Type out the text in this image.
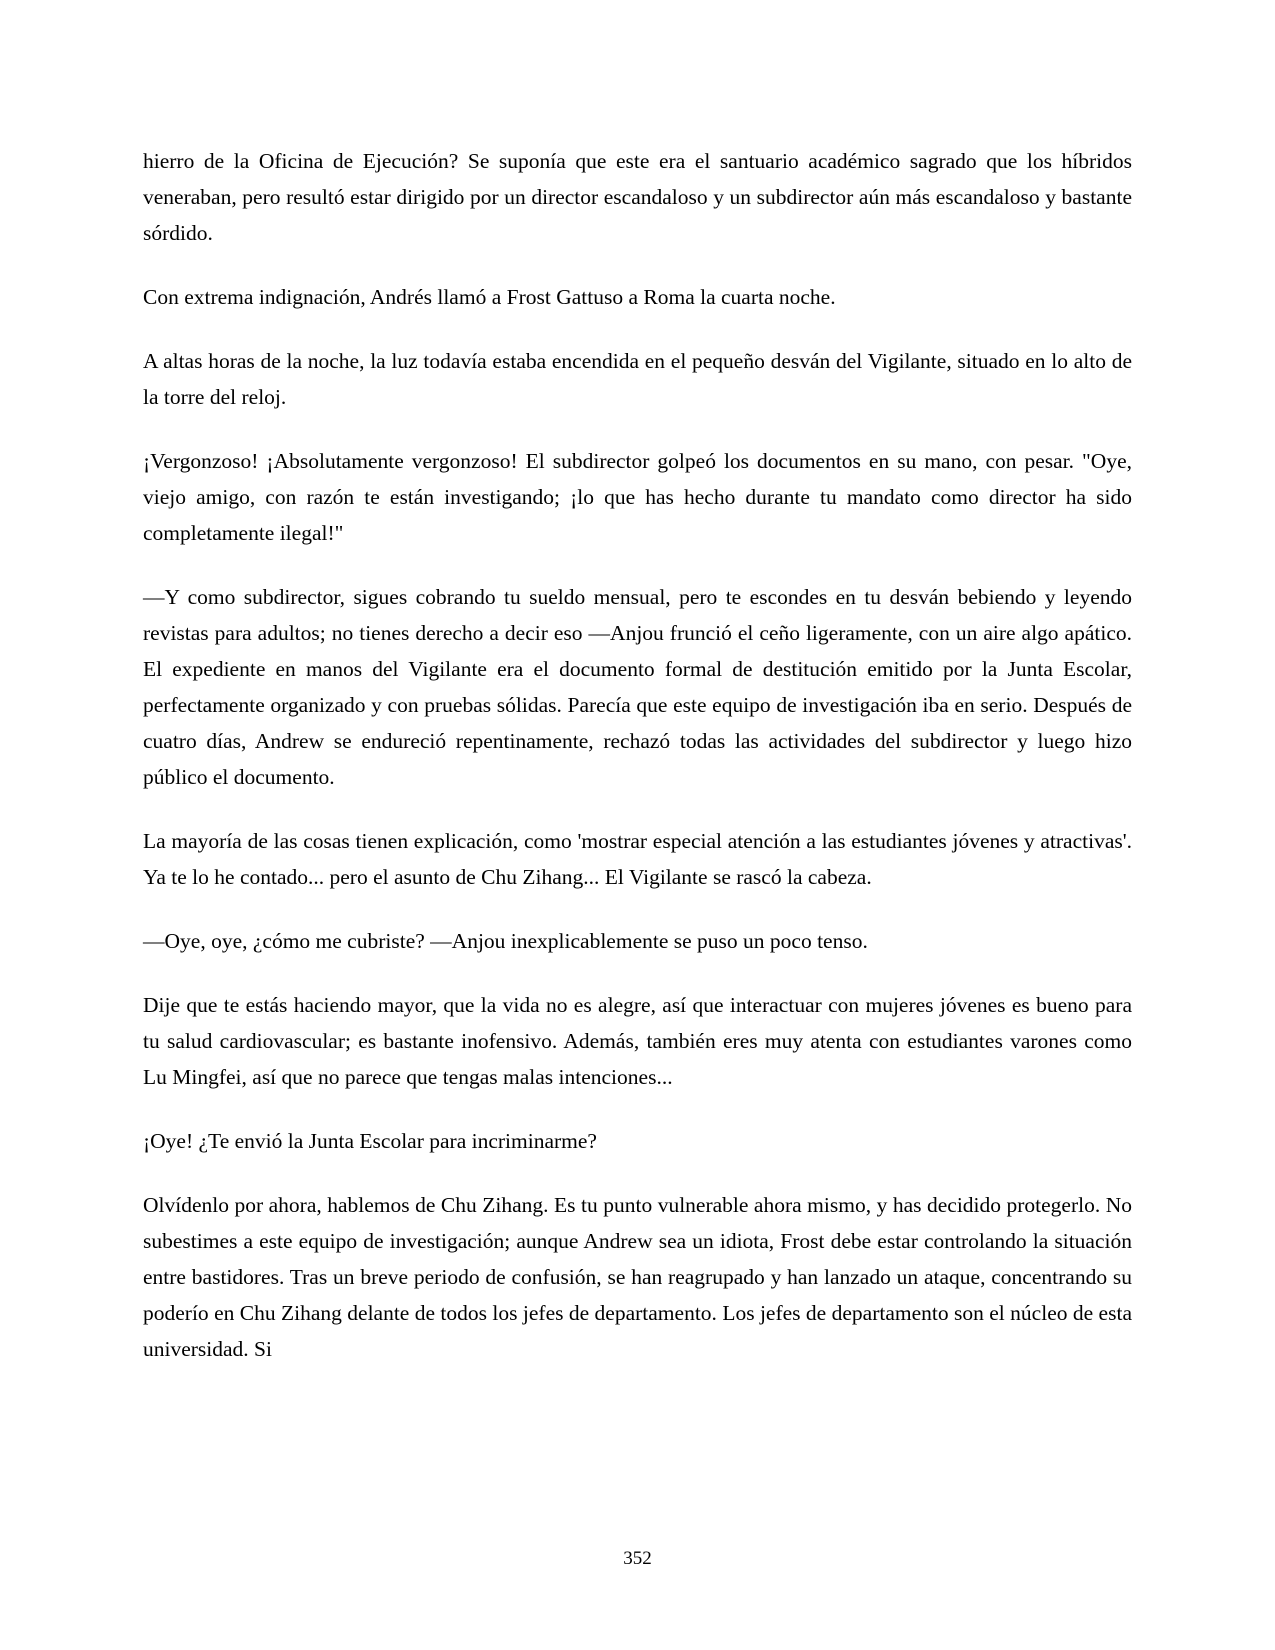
hierro de la Oficina de Ejecución? Se suponía que este era el santuario académico sagrado que los híbridos veneraban, pero resultó estar dirigido por un director escandaloso y un subdirector aún más escandaloso y bastante sórdido.

Con extrema indignación, Andrés llamó a Frost Gattuso a Roma la cuarta noche.

A altas horas de la noche, la luz todavía estaba encendida en el pequeño desván del Vigilante, situado en lo alto de la torre del reloj.

¡Vergonzoso! ¡Absolutamente vergonzoso! El subdirector golpeó los documentos en su mano, con pesar. "Oye, viejo amigo, con razón te están investigando; ¡lo que has hecho durante tu mandato como director ha sido completamente ilegal!"

—Y como subdirector, sigues cobrando tu sueldo mensual, pero te escondes en tu desván bebiendo y leyendo revistas para adultos; no tienes derecho a decir eso —Anjou frunció el ceño ligeramente, con un aire algo apático. El expediente en manos del Vigilante era el documento formal de destitución emitido por la Junta Escolar, perfectamente organizado y con pruebas sólidas. Parecía que este equipo de investigación iba en serio. Después de cuatro días, Andrew se endureció repentinamente, rechazó todas las actividades del subdirector y luego hizo público el documento.

La mayoría de las cosas tienen explicación, como 'mostrar especial atención a las estudiantes jóvenes y atractivas'. Ya te lo he contado... pero el asunto de Chu Zihang... El Vigilante se rascó la cabeza.

—Oye, oye, ¿cómo me cubriste? —Anjou inexplicablemente se puso un poco tenso.

Dije que te estás haciendo mayor, que la vida no es alegre, así que interactuar con mujeres jóvenes es bueno para tu salud cardiovascular; es bastante inofensivo. Además, también eres muy atenta con estudiantes varones como Lu Mingfei, así que no parece que tengas malas intenciones...

¡Oye! ¿Te envió la Junta Escolar para incriminarme?

Olvídenlo por ahora, hablemos de Chu Zihang. Es tu punto vulnerable ahora mismo, y has decidido protegerlo. No subestimes a este equipo de investigación; aunque Andrew sea un idiota, Frost debe estar controlando la situación entre bastidores. Tras un breve periodo de confusión, se han reagrupado y han lanzado un ataque, concentrando su poderío en Chu Zihang delante de todos los jefes de departamento. Los jefes de departamento son el núcleo de esta universidad. Si

352
